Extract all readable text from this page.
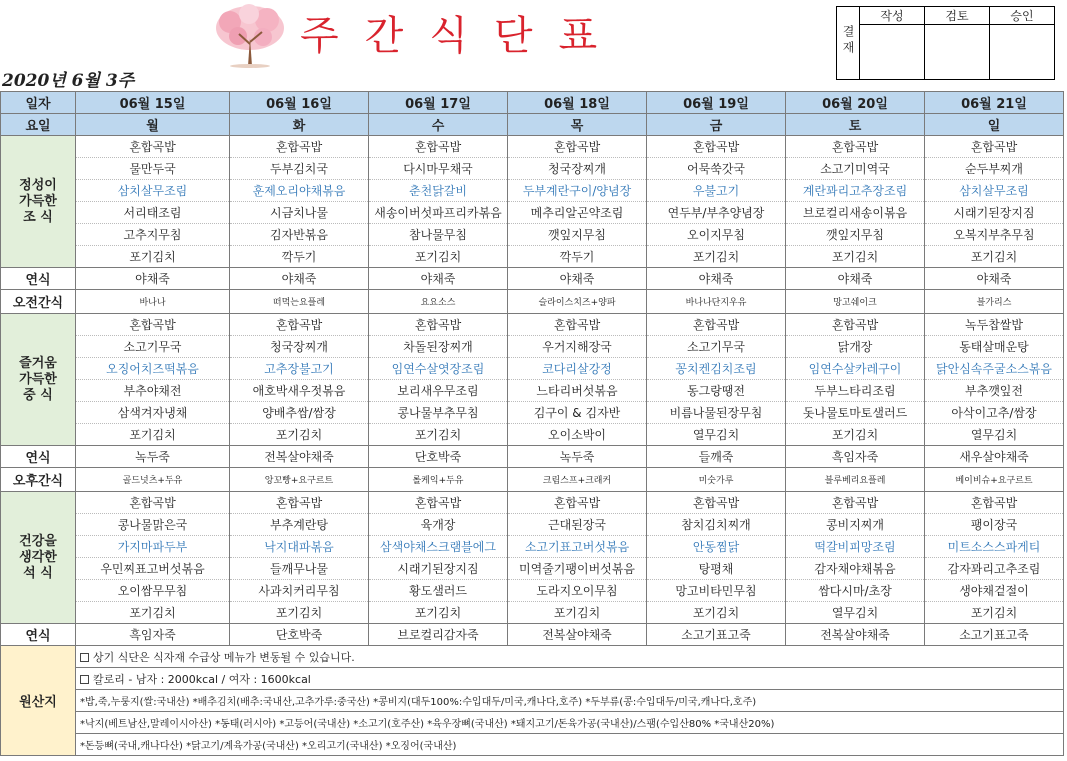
주간식단표	결재	작성	검토	승인

2020년 6월 3주
일자	06월 15일	06월 16일	06월 17일	06월 18일	06월 19일	06월 20일	06월 21일
요일	월	화	수	목	금	토	일
정성이
가득한
조 식	혼합곡밥	혼합곡밥	혼합곡밥	혼합곡밥	혼합곡밥	혼합곡밥	혼합곡밥
	물만두국	두부김치국	다시마무채국	청국장찌개	어묵쑥갓국	소고기미역국	순두부찌개
	삼치살무조림	훈제오리야채볶음	춘천닭갈비	두부계란구이/양념장	우불고기	계란꽈리고추장조림	삼치살무조림
	서리태조림	시금치나물	새송이버섯파프리카볶음	메추리알곤약조림	연두부/부추양념장	브로컬리새송이볶음	시래기된장지짐
	고추지무침	김자반볶음	참나물무침	깻잎지무침	오이지무침	깻잎지무침	오복지부추무침
	포기김치	깍두기	포기김치	깍두기	포기김치	포기김치	포기김치
연식	야채죽	야채죽	야채죽	야채죽	야채죽	야채죽	야채죽
오전간식	바나나	떠먹는요플레	요요소스	슬라이스치즈+양파	바나나단지우유	망고쉐이크	블가리스
즐거움
가득한
중 식	혼합곡밥	혼합곡밥	혼합곡밥	혼합곡밥	혼합곡밥	혼합곡밥	녹두찹쌀밥
	소고기무국	청국장찌개	차돌된장찌개	우거지해장국	소고기무국	닭개장	동태살매운탕
	오징어치즈떡볶음	고추장불고기	임연수살엿장조림	코다리살강정	꽁치켄김치조림	임연수살카레구이	닭안심속주굴소스볶음
	부추야채전	애호박새우젓볶음	보리새우무조림	느타리버섯볶음	동그랑땡전	두부느타리조림	부추깻잎전
	삼색겨자냉채	양배추쌈/쌈장	콩나물부추무침	김구이 & 김자반	비름나물된장무침	돗나물토마토샐러드	아삭이고추/쌈장
	포기김치	포기김치	포기김치	오이소박이	열무김치	포기김치	열무김치
연식	녹두죽	전복살야채죽	단호박죽	녹두죽	들깨죽	흑임자죽	새우살야채죽
오후간식	골드넛츠+두유	앙꼬빵+요구르트	롤케익+두유	크림스프+크래커	미숫가루	블루베리요플레	베이비슈+요구르트
건강을
생각한
석 식	혼합곡밥	혼합곡밥	혼합곡밥	혼합곡밥	혼합곡밥	혼합곡밥	혼합곡밥
	콩나물맑은국	부추계란탕	육개장	근대된장국	참치김치찌개	콩비지찌개	팽이장국
	가지마파두부	낙지대파볶음	삼색야채스크램블에그	소고기표고버섯볶음	안동찜닭	떡갈비피망조림	미트소스스파게티
	우민찌표고버섯볶음	들깨무나물	시래기된장지짐	미역줄기팽이버섯볶음	탕평채	감자채야채볶음	감자꽈리고추조림
	오이쌈무무침	사과치커리무침	황도샐러드	도라지오이무침	망고비타민무침	쌈다시마/초장	생야채겉절이
	포기김치	포기김치	포기김치	포기김치	포기김치	열무김치	포기김치
연식	흑임자죽	단호박죽	브로컬리감자죽	전복살야채죽	소고기표고죽	전복살야채죽	소고기표고죽
원산지	상기 식단은 식자재 수급상 메뉴가 변동될 수 있습니다.						
	칼로리 - 남자 : 2000kcal / 여자 : 1600kcal						
	*밥,죽,누룽지(쌀:국내산) *배추김치(배추:국내산,고추가루:중국산) *콩비지(대두100%:수입대두/미국,캐나다,호주) *두부류(콩:수입대두/미국,캐나다,호주)						
	*낙지(베트남산,말레이시아산) *동태(러시아) *고등어(국내산) *소고기(호주산) *육우장뼈(국내산) *돼지고기/돈육가공(국내산)/스팸(수입산80% *국내산20%)						
	*돈등뼈(국내,캐나다산) *닭고기/계육가공(국내산) *오리고기(국내산) *오징어(국내산)						
